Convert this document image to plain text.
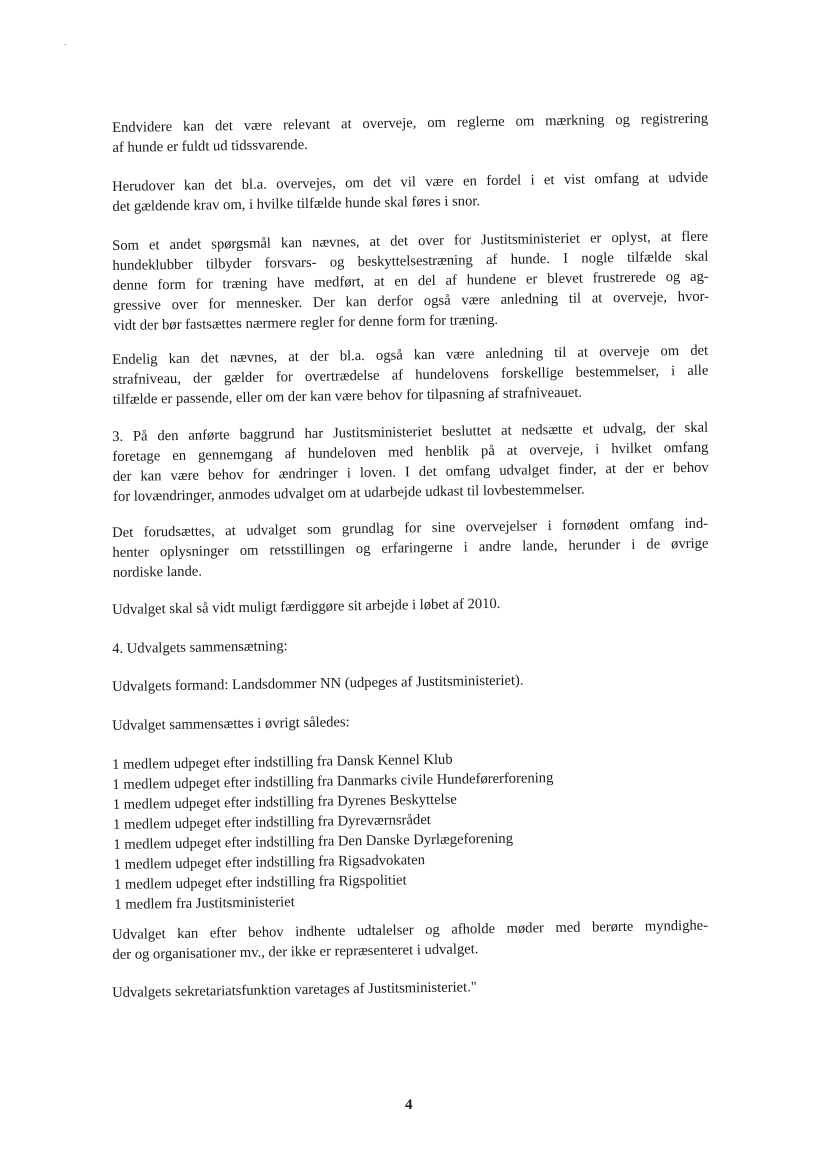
Endvidere kan det være relevant at overveje, om reglerne om mærkning og registrering
af hunde er fuldt ud tidssvarende.
Herudover kan det bl.a. overvejes, om det vil være en fordel i et vist omfang at udvide
det gældende krav om, i hvilke tilfælde hunde skal føres i snor.
Som et andet spørgsmål kan nævnes, at det over for Justitsministeriet er oplyst, at flere
hundeklubber tilbyder forsvars- og beskyttelsestræning af hunde. I nogle tilfælde skal
denne form for træning have medført, at en del af hundene er blevet frustrerede og ag-
gressive over for mennesker. Der kan derfor også være anledning til at overveje, hvor-
vidt der bør fastsættes nærmere regler for denne form for træning.
Endelig kan det nævnes, at der bl.a. også kan være anledning til at overveje om det
strafniveau, der gælder for overtrædelse af hundelovens forskellige bestemmelser, i alle
tilfælde er passende, eller om der kan være behov for tilpasning af strafniveauet.
3. På den anførte baggrund har Justitsministeriet besluttet at nedsætte et udvalg, der skal
foretage en gennemgang af hundeloven med henblik på at overveje, i hvilket omfang
der kan være behov for ændringer i loven. I det omfang udvalget finder, at der er behov
for lovændringer, anmodes udvalget om at udarbejde udkast til lovbestemmelser.
Det forudsættes, at udvalget som grundlag for sine overvejelser i fornødent omfang ind-
henter oplysninger om retsstillingen og erfaringerne i andre lande, herunder i de øvrige
nordiske lande.
Udvalget skal så vidt muligt færdiggøre sit arbejde i løbet af 2010.
4. Udvalgets sammensætning:
Udvalgets formand: Landsdommer NN (udpeges af Justitsministeriet).
Udvalget sammensættes i øvrigt således:
1 medlem udpeget efter indstilling fra Dansk Kennel Klub
1 medlem udpeget efter indstilling fra Danmarks civile Hundeførerforening
1 medlem udpeget efter indstilling fra Dyrenes Beskyttelse
1 medlem udpeget efter indstilling fra Dyreværnsrådet
1 medlem udpeget efter indstilling fra Den Danske Dyrlægeforening
1 medlem udpeget efter indstilling fra Rigsadvokaten
1 medlem udpeget efter indstilling fra Rigspolitiet
1 medlem fra Justitsministeriet
Udvalget kan efter behov indhente udtalelser og afholde møder med berørte myndighe-
der og organisationer mv., der ikke er repræsenteret i udvalget.
Udvalgets sekretariatsfunktion varetages af Justitsministeriet."
4
